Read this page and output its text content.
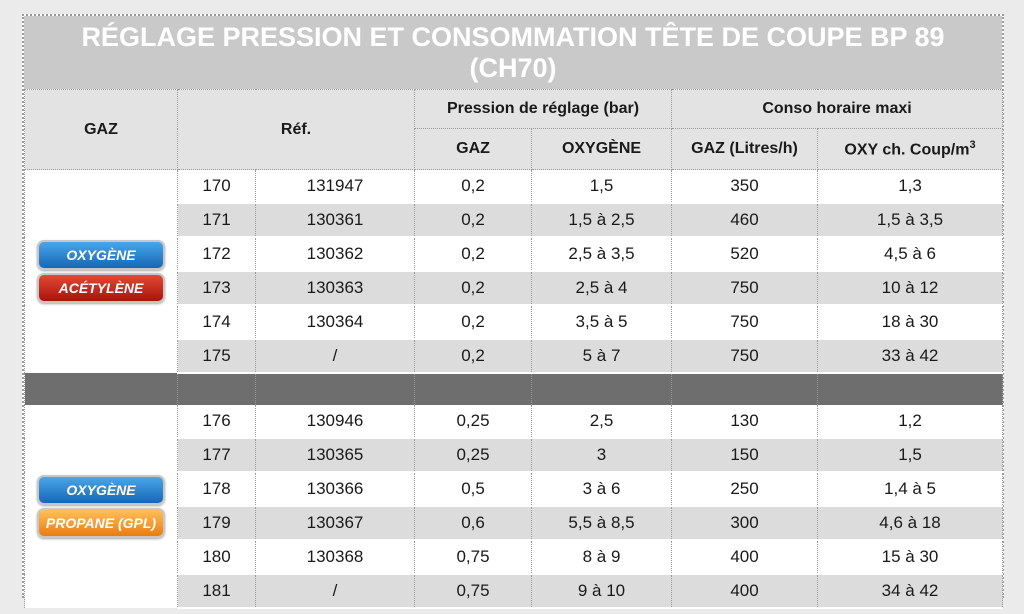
RÉGLAGE PRESSION ET CONSOMMATION TÊTE DE COUPE BP 89
(CH70)
GAZ	Réf.		Pression de réglage (bar)		Conso horaire maxi	
			GAZ	OXYGÈNE	GAZ (Litres/h)	OXY ch. Coup/$m^3$

OXYGÈNE
ACÉTYLÈNE	170	131947	0,2	1,5	350	1,3
	171	130361	0,2	1,5 à 2,5	460	1,5 à 3,5
	172	130362	0,2	2,5 à 3,5	520	4,5 à 6
	173	130363	0,2	2,5 à 4	750	10 à 12
	174	130364	0,2	3,5 à 5	750	18 à 30
	175	/	0,2	5 à 7	750	33 à 42

OXYGÈNE
PROPANE (GPL)	176	130946	0,25	2,5	130	1,2
	177	130365	0,25	3	150	1,5
	178	130366	0,5	3 à 6	250	1,4 à 5
	179	130367	0,6	5,5 à 8,5	300	4,6 à 18
	180	130368	0,75	8 à 9	400	15 à 30
	181	/	0,75	9 à 10	400	34 à 42
